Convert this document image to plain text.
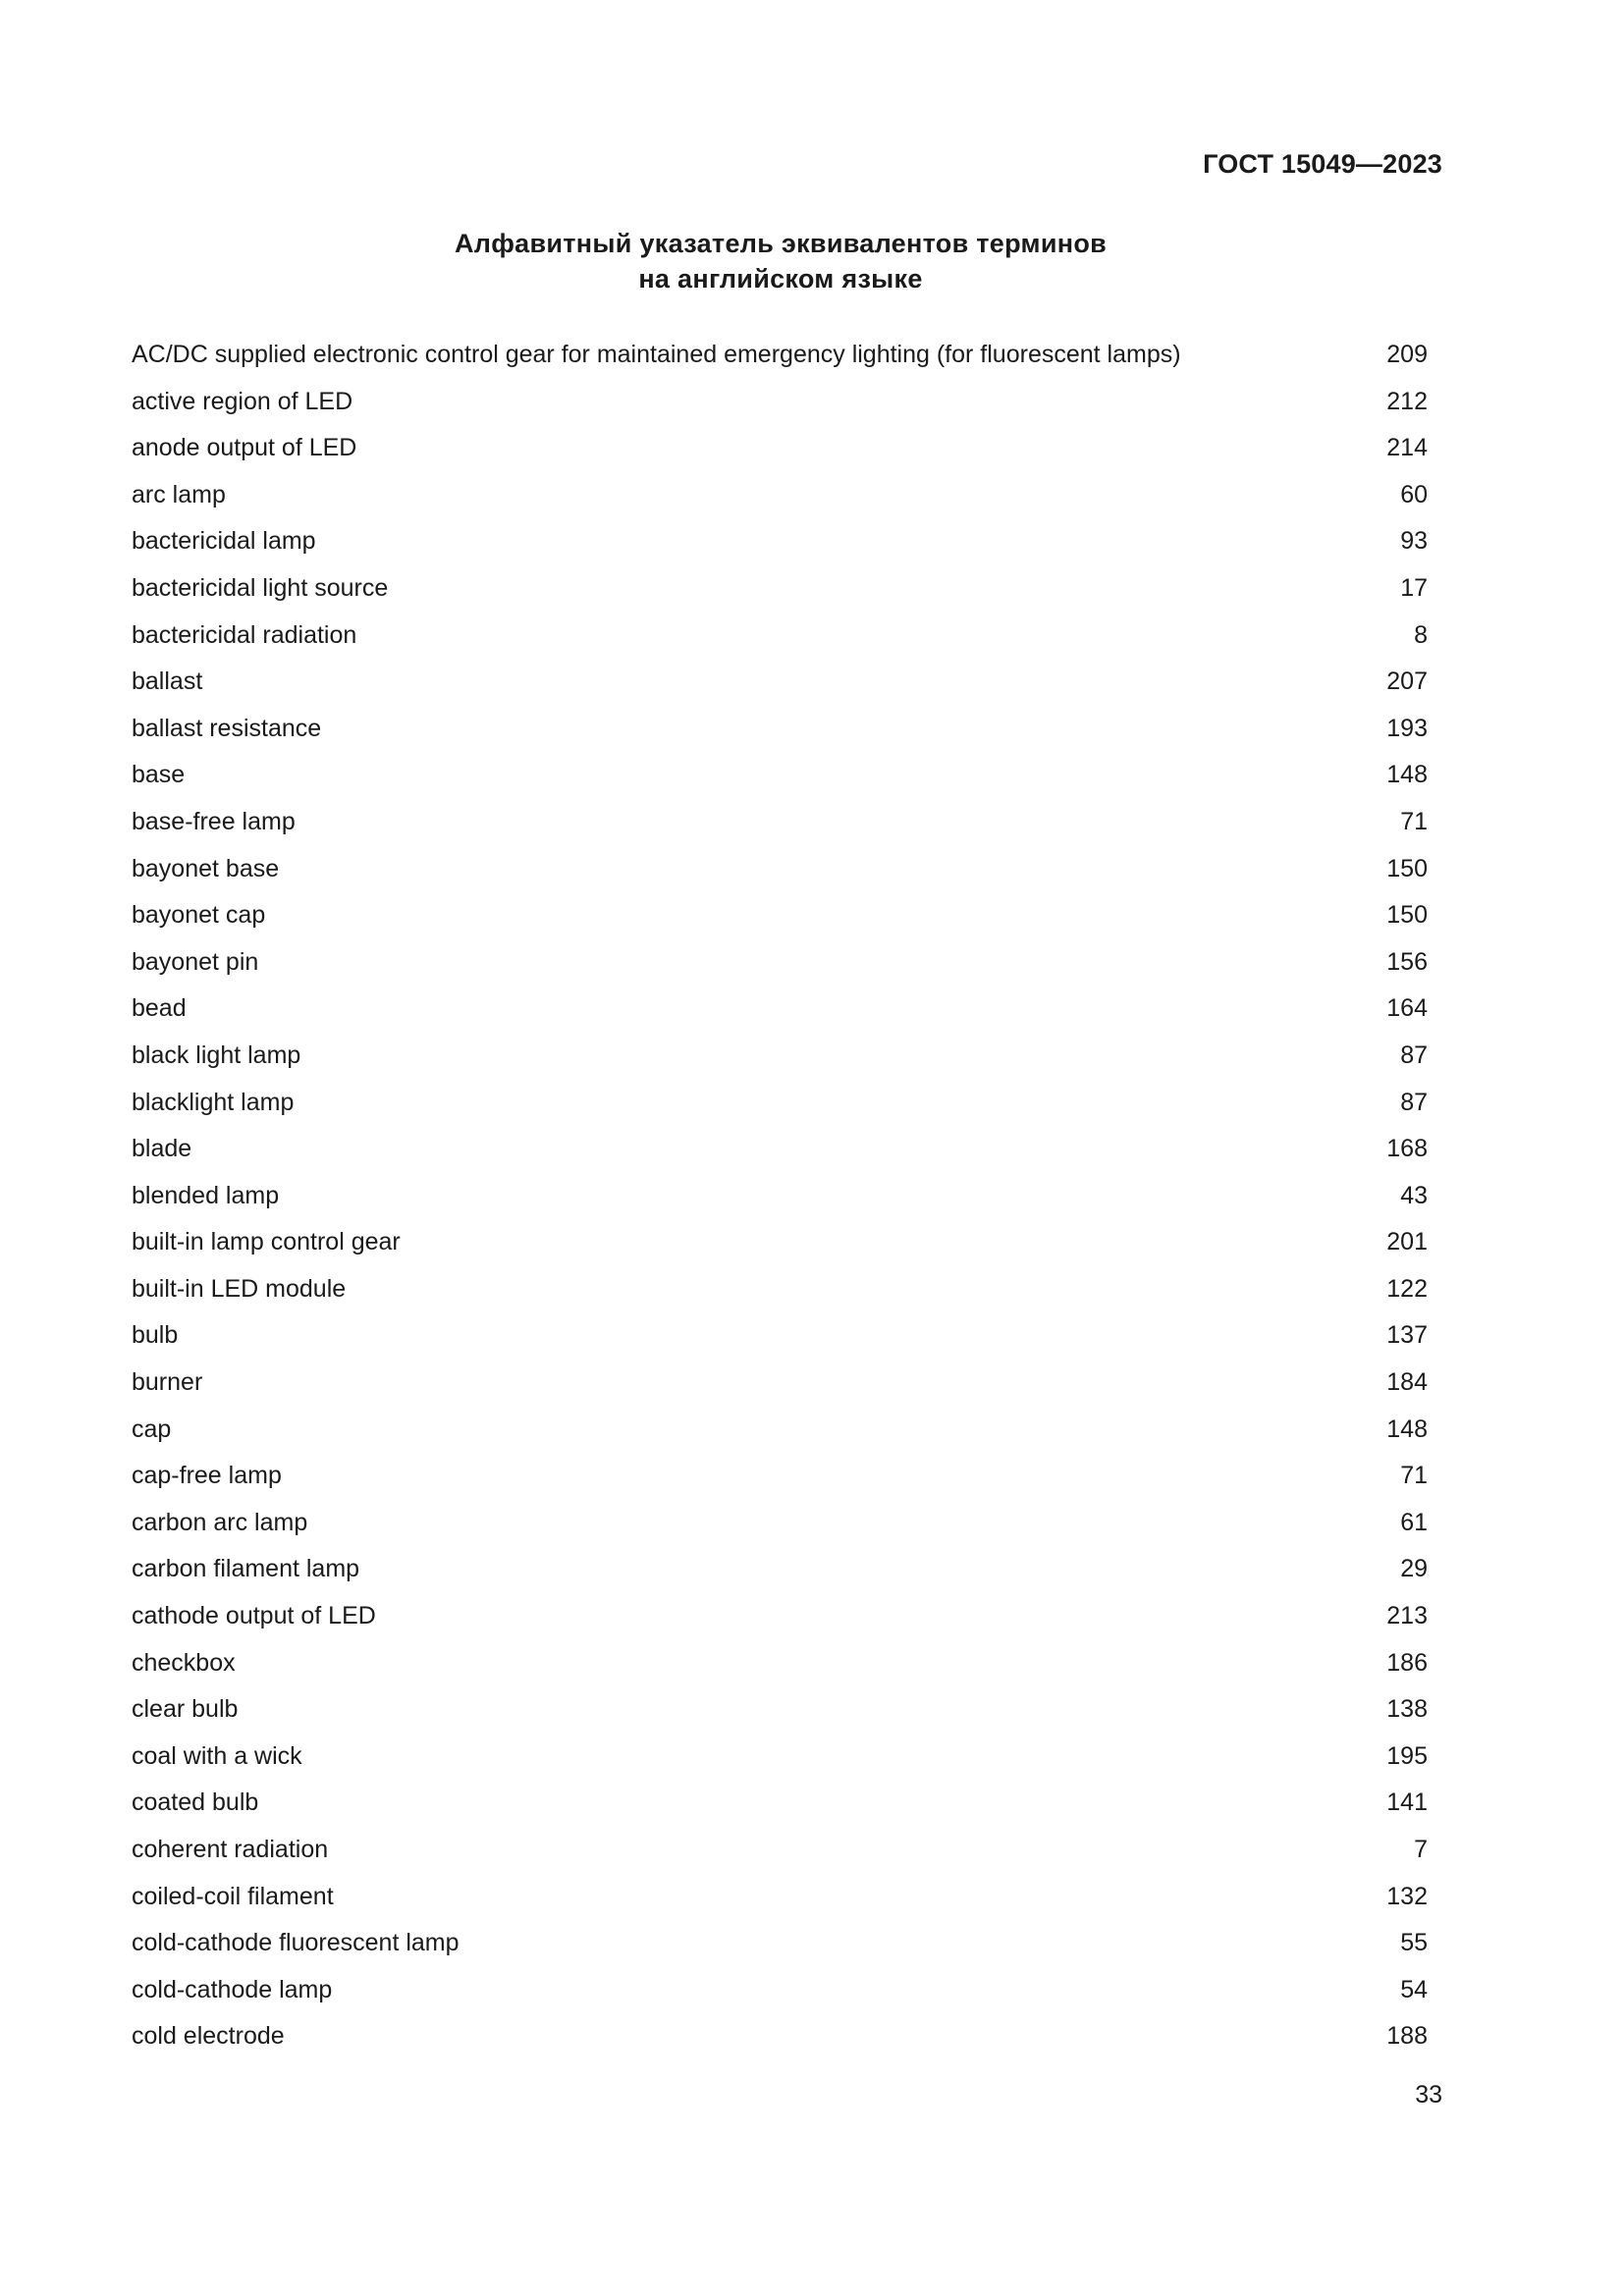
ГОСТ 15049—2023
Алфавитный указатель эквивалентов терминов
на английском языке
AC/DC supplied electronic control gear for maintained emergency lighting (for fluorescent lamps)	209
active region of LED	212
anode output of LED	214
arc lamp	60
bactericidal lamp	93
bactericidal light source	17
bactericidal radiation	8
ballast	207
ballast resistance	193
base	148
base-free lamp	71
bayonet base	150
bayonet cap	150
bayonet pin	156
bead	164
black light lamp	87
blacklight lamp	87
blade	168
blended lamp	43
built-in lamp control gear	201
built-in LED module	122
bulb	137
burner	184
cap	148
cap-free lamp	71
carbon arc lamp	61
carbon filament lamp	29
cathode output of LED	213
checkbox	186
clear bulb	138
coal with a wick	195
coated bulb	141
coherent radiation	7
coiled-coil filament	132
cold-cathode fluorescent lamp	55
cold-cathode lamp	54
cold electrode	188
33
